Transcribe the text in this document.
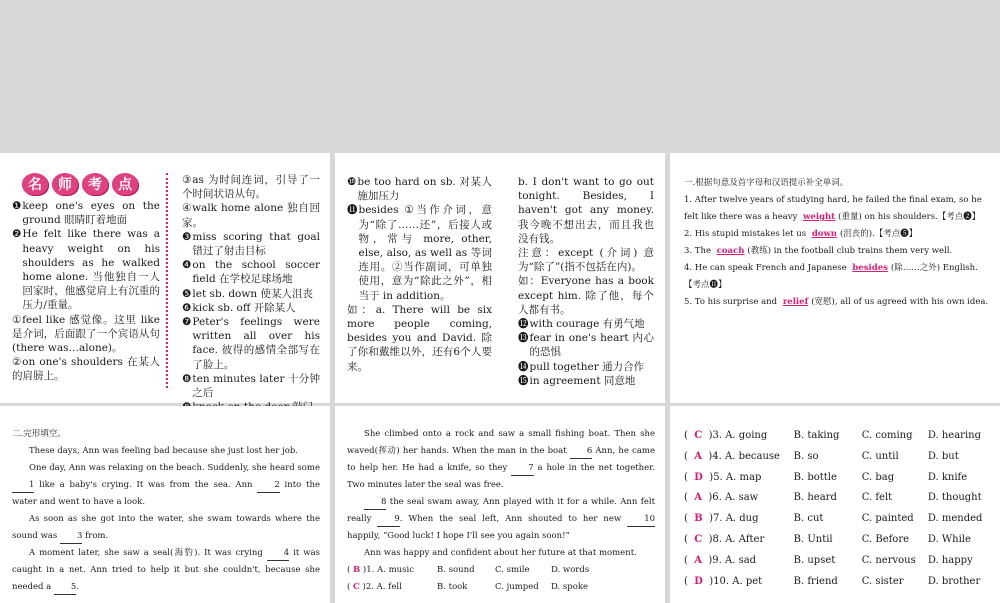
名	师	考	点
❶ keep one's eyes on the ground 眼睛盯着地面
❷ He felt like there was a heavy weight on his shoulders as he walked home alone. 当他独自一人回家时，他感觉肩上有沉重的压力/重量。
①feel like 感觉像。这里 like 是介词，后面跟了一个宾语从句(there was…alone)。
②on one's shoulders 在某人的肩膀上。
③as 为时间连词，引导了一个时间状语从句。
④walk home alone 独自回家。
❸ miss scoring that goal 错过了射击目标
❹ on the school soccer field 在学校足球场地
❺ let sb. down 使某人沮丧
❻ kick sb. off 开除某人
❼ Peter's feelings were written all over his face. 彼得的感情全部写在了脸上。
❽ ten minutes later 十分钟之后
❿ be too hard on sb. 对某人施加压力
⓫ besides ①当作介词，意为“除了……还”，后接人或物，常与 more, other, else, also, as well as 等词连用。②当作副词，可单独使用，意为“除此之外”，相当于 in addition。
如：a. There will be six more people coming, besides you and David. 除了你和戴维以外，还有6个人要来。
b. I don't want to go out tonight. Besides, I haven't got any money. 我今晚不想出去，而且我也没有钱。
注意：except (介词) 意为“除了”(指不包括在内)。
如：Everyone has a book except him. 除了他，每个人都有书。
⓬ with courage 有勇气地
⓭ fear in one's heart 内心的恐惧
⓮ pull together 通力合作
⓯ in agreement 同意地
一.根据句意及首字母和汉语提示补全单词。
1. After twelve years of studying hard, he failed the final exam, so he felt like there was a heavy weight (重量) on his shoulders.【考点❷】
2. His stupid mistakes let us down (沮丧的).【考点❺】
3. The coach (教练) in the football club trains them very well.
4. He can speak French and Japanese besides (除……之外) English.【考点⓫】
5. To his surprise and relief (宽慰), all of us agreed with his own idea.
二.完形填空。
These days, Ann was feeling bad because she just lost her job.
One day, Ann was relaxing on the beach. Suddenly, she heard some 1 like a baby's crying. It was from the sea. Ann	2 into the water and went to have a look.
As soon as she got into the water, she swam towards where the sound was 3 from.
A moment later, she saw a seal(海豹). It was crying 4 it was caught in a net. Ann tried to help it but she couldn't, because she needed a 5.
She climbed onto a rock and saw a small fishing boat. Then she waved(挥动) her hands. When the man in the boat 6 Ann, he came to help her. He had a knife, so they 7 a hole in the net together. Two minutes later the seal was free.
8 the seal swam away, Ann played with it for a while. Ann felt really	9. When the seal left, Ann shouted to her new	10 happily, “Good luck! I hope I'll see you again soon!”
Ann was happy and confident about her future at that moment.
( B )1. A. music	B. sound	C. smile	D. words
( C )2. A. fell	B. took	C. jumped	D. spoke
(  C )3. A. going	B. taking	C. coming	D. hearing
(  A )4. A. because	B. so	C. until	D. but
(  D )5. A. map	B. bottle	C. bag	D. knife
(  A )6. A. saw	B. heard	C. felt	D. thought
(  B )7. A. dug	B. cut	C. painted	D. mended
(  C )8. A. After	B. Until	C. Before	D. While
(  A )9. A. sad	B. upset	C. nervous	D. happy
(  D )10. A. pet	B. friend	C. sister	D. brother
